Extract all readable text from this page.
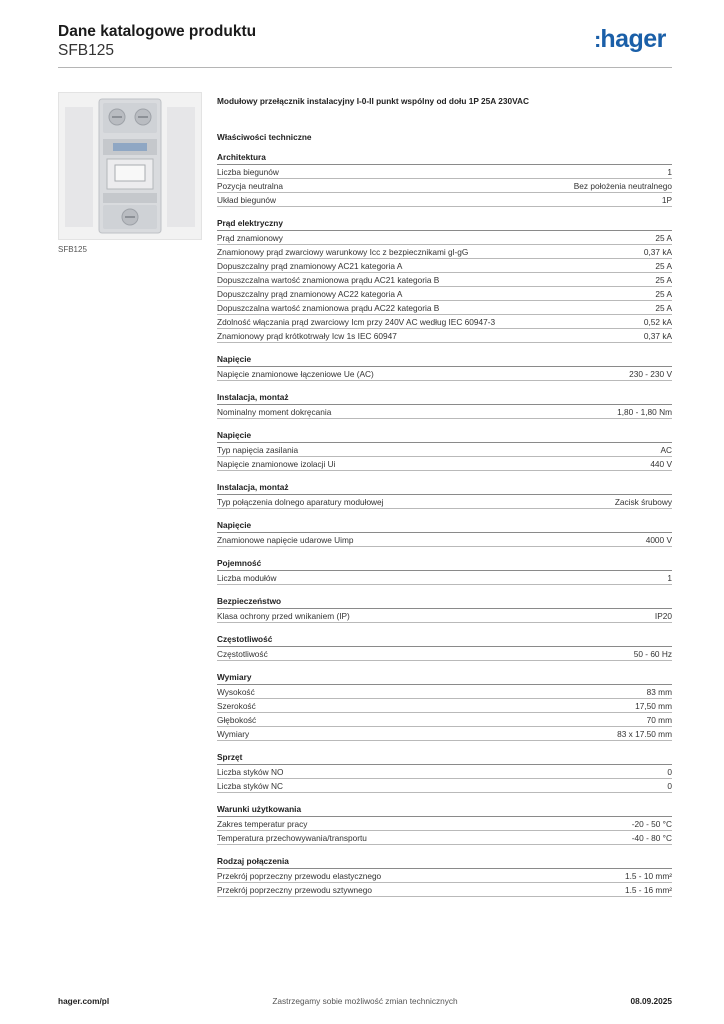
Dane katalogowe produktu
SFB125	:hager
SFB125
Modułowy przełącznik instalacyjny I-0-II punkt wspólny od dołu 1P 25A 230VAC
Właściwości techniczne
Architektura
Liczba biegunów	1
Pozycja neutralna	Bez położenia neutralnego
Układ biegunów	1P
Prąd elektryczny
Prąd znamionowy	25 A
Znamionowy prąd zwarciowy warunkowy Icc z bezpiecznikami gl-gG	0,37 kA
Dopuszczalny prąd znamionowy AC21 kategoria A	25 A
Dopuszczalna wartość znamionowa prądu AC21 kategoria B	25 A
Dopuszczalny prąd znamionowy AC22 kategoria A	25 A
Dopuszczalna wartość znamionowa prądu AC22 kategoria B	25 A
Zdolność włączania prąd zwarciowy Icm przy 240V AC według IEC 60947-3	0,52 kA
Znamionowy prąd krótkotrwały Icw 1s IEC 60947	0,37 kA
Napięcie
Napięcie znamionowe łączeniowe Ue (AC)	230 - 230 V
Instalacja, montaż
Nominalny moment dokręcania	1,80 - 1,80 Nm
Napięcie
Typ napięcia zasilania	AC
Napięcie znamionowe izolacji Ui	440 V
Instalacja, montaż
Typ połączenia dolnego aparatury modułowej	Zacisk śrubowy
Napięcie
Znamionowe napięcie udarowe Uimp	4000 V
Pojemność
Liczba modułów	1
Bezpieczeństwo
Klasa ochrony przed wnikaniem (IP)	IP20
Częstotliwość
Częstotliwość	50 - 60 Hz
Wymiary
Wysokość	83 mm
Szerokość	17,50 mm
Głębokość	70 mm
Wymiary	83 x 17.50 mm
Sprzęt
Liczba styków NO	0
Liczba styków NC	0
Warunki użytkowania
Zakres temperatur pracy	-20 - 50 °C
Temperatura przechowywania/transportu	-40 - 80 °C
Rodzaj połączenia
Przekrój poprzeczny przewodu elastycznego	1.5 - 10 mm²
Przekrój poprzeczny przewodu sztywnego	1.5 - 16 mm²
hager.com/pl	Zastrzegamy sobie możliwość zmian technicznych	08.09.2025
